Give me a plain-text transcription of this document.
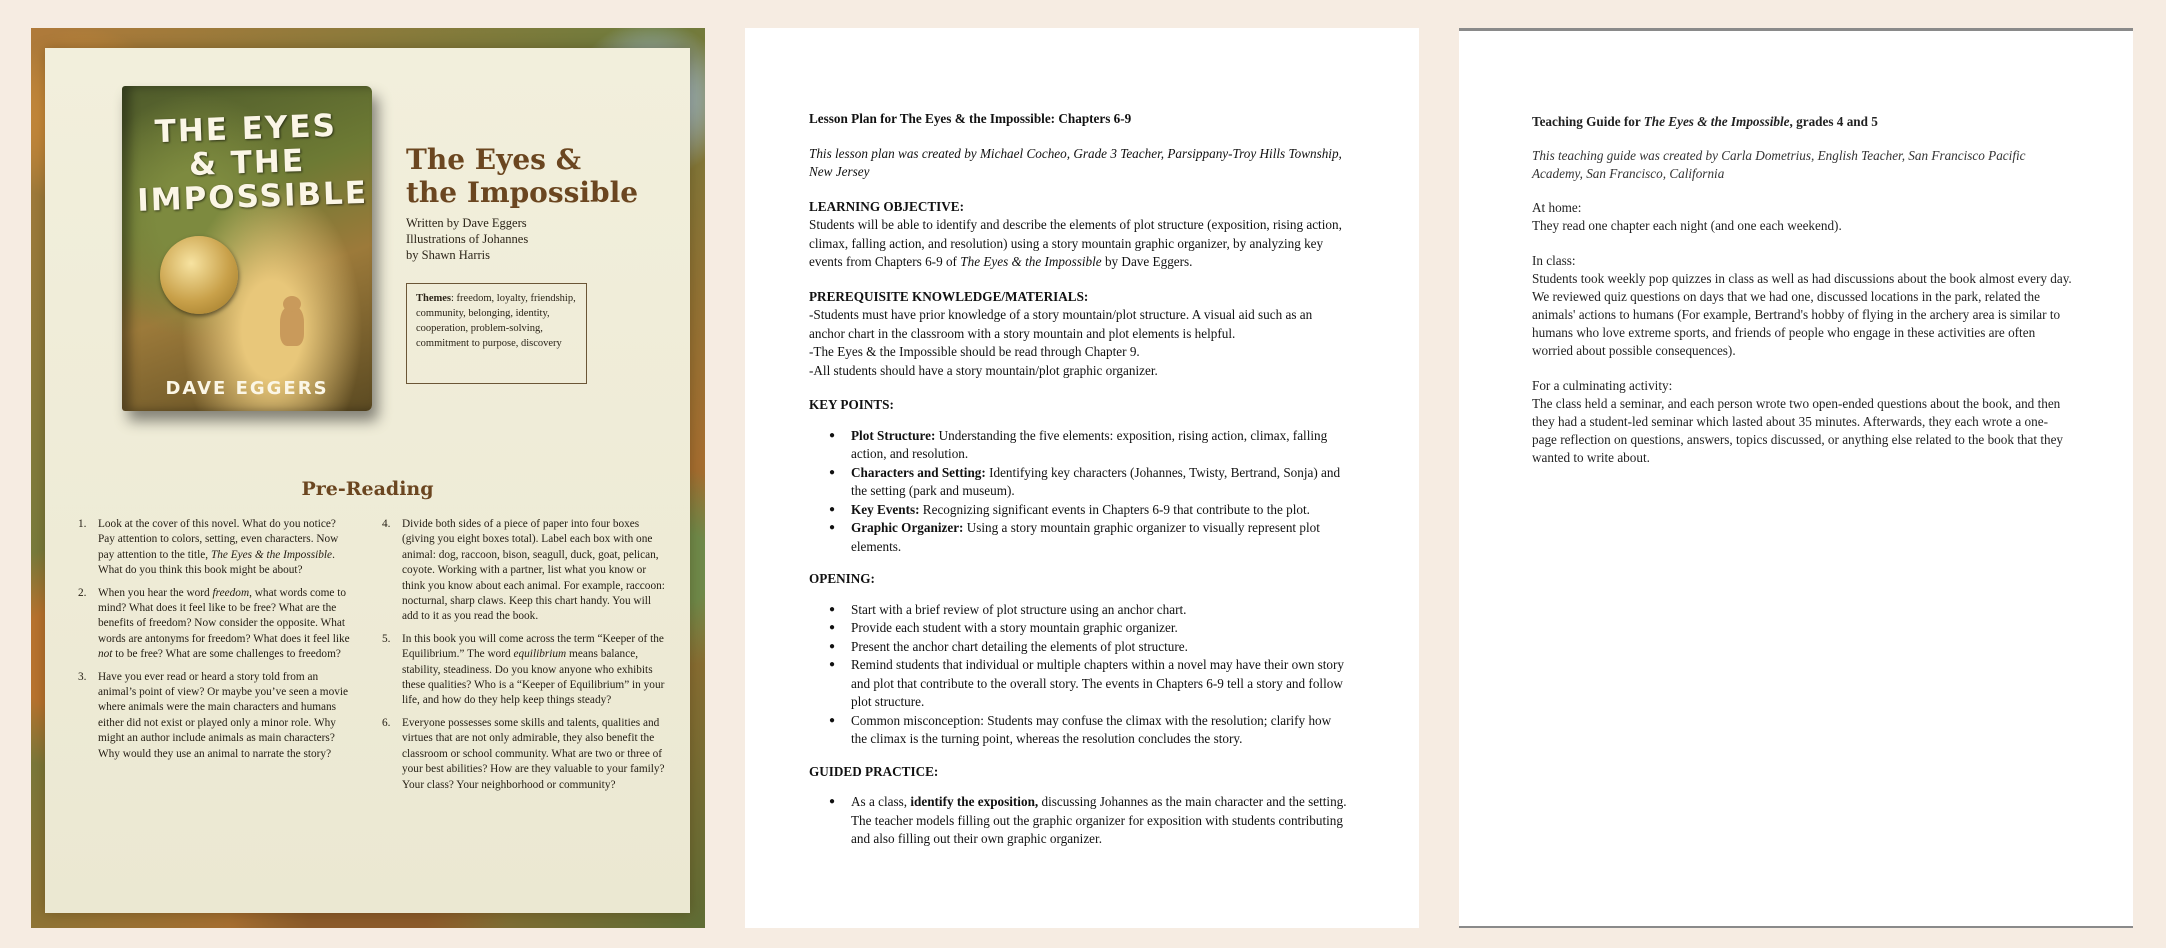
THE EYES
& THE
IMPOSSIBLE
DAVE EGGERS
The Eyes &
the Impossible
Written by Dave Eggers
Illustrations of Johannes
by Shawn Harris
Themes: freedom, loyalty, friendship, community, belonging, identity, cooperation, problem-solving, commitment to purpose, discovery
Pre-Reading
1. Look at the cover of this novel. What do you notice? Pay attention to colors, setting, even characters. Now pay attention to the title, The Eyes & the Impossible. What do you think this book might be about?
2. When you hear the word freedom, what words come to mind? What does it feel like to be free? What are the benefits of freedom? Now consider the opposite. What words are antonyms for freedom? What does it feel like not to be free? What are some challenges to freedom?
3. Have you ever read or heard a story told from an animal’s point of view? Or maybe you’ve seen a movie where animals were the main characters and humans either did not exist or played only a minor role. Why might an author include animals as main characters? Why would they use an animal to narrate the story?
4. Divide both sides of a piece of paper into four boxes (giving you eight boxes total). Label each box with one animal: dog, raccoon, bison, seagull, duck, goat, pelican, coyote. Working with a partner, list what you know or think you know about each animal. For example, raccoon: nocturnal, sharp claws. Keep this chart handy. You will add to it as you read the book.
5. In this book you will come across the term “Keeper of the Equilibrium.” The word equilibrium means balance, stability, steadiness. Do you know anyone who exhibits these qualities? Who is a “Keeper of Equilibrium” in your life, and how do they help keep things steady?
6. Everyone possesses some skills and talents, qualities and virtues that are not only admirable, they also benefit the classroom or school community. What are two or three of your best abilities? How are they valuable to your family? Your class? Your neighborhood or community?
Lesson Plan for The Eyes & the Impossible: Chapters 6-9
This lesson plan was created by Michael Cocheo, Grade 3 Teacher, Parsippany-Troy Hills Township, New Jersey
LEARNING OBJECTIVE:
Students will be able to identify and describe the elements of plot structure (exposition, rising action, climax, falling action, and resolution) using a story mountain graphic organizer, by analyzing key events from Chapters 6-9 of The Eyes & the Impossible by Dave Eggers.
PREREQUISITE KNOWLEDGE/MATERIALS:
-Students must have prior knowledge of a story mountain/plot structure. A visual aid such as an anchor chart in the classroom with a story mountain and plot elements is helpful.
-The Eyes & the Impossible should be read through Chapter 9.
-All students should have a story mountain/plot graphic organizer.
KEY POINTS:
● Plot Structure: Understanding the five elements: exposition, rising action, climax, falling action, and resolution.
● Characters and Setting: Identifying key characters (Johannes, Twisty, Bertrand, Sonja) and the setting (park and museum).
● Key Events: Recognizing significant events in Chapters 6-9 that contribute to the plot.
● Graphic Organizer: Using a story mountain graphic organizer to visually represent plot elements.
OPENING:
● Start with a brief review of plot structure using an anchor chart.
● Provide each student with a story mountain graphic organizer.
● Present the anchor chart detailing the elements of plot structure.
● Remind students that individual or multiple chapters within a novel may have their own story and plot that contribute to the overall story. The events in Chapters 6-9 tell a story and follow plot structure.
● Common misconception: Students may confuse the climax with the resolution; clarify how the climax is the turning point, whereas the resolution concludes the story.
GUIDED PRACTICE:
● As a class, identify the exposition, discussing Johannes as the main character and the setting. The teacher models filling out the graphic organizer for exposition with students contributing and also filling out their own graphic organizer.
Teaching Guide for The Eyes & the Impossible, grades 4 and 5
This teaching guide was created by Carla Dometrius, English Teacher, San Francisco Pacific Academy, San Francisco, California
At home:
They read one chapter each night (and one each weekend).
In class:
Students took weekly pop quizzes in class as well as had discussions about the book almost every day. We reviewed quiz questions on days that we had one, discussed locations in the park, related the animals' actions to humans (For example, Bertrand's hobby of flying in the archery area is similar to humans who love extreme sports, and friends of people who engage in these activities are often worried about possible consequences).
For a culminating activity:
The class held a seminar, and each person wrote two open-ended questions about the book, and then they had a student-led seminar which lasted about 35 minutes. Afterwards, they each wrote a one-page reflection on questions, answers, topics discussed, or anything else related to the book that they wanted to write about.
